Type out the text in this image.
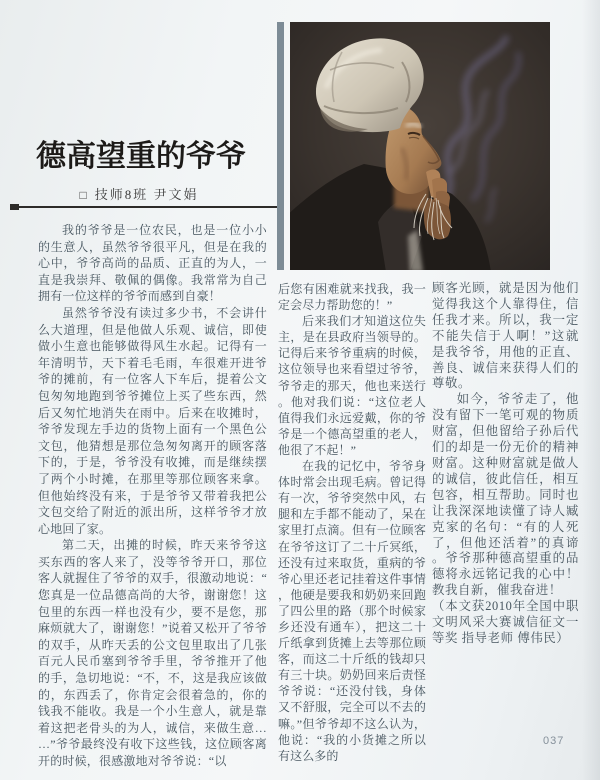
德高望重的爷爷
□ 技师8班 尹文娟

我的爷爷是一位农民，也是一位小小的生意人，虽然爷爷很平凡，但是在我的心中，爷爷高尚的品质、正直的为人，一直是我崇拜、敬佩的偶像。我常常为自己拥有一位这样的爷爷而感到自豪！

虽然爷爷没有读过多少书，不会讲什么大道理，但是他做人乐观、诚信，即使做小生意也能够做得风生水起。记得有一年清明节，天下着毛毛雨，车很难开进爷爷的摊前，有一位客人下车后，提着公文包匆匆地跑到爷爷摊位上买了些东西，然后又匆忙地消失在雨中。后来在收摊时，爷爷发现左手边的货物上面有一个黑色公文包，他猜想是那位急匆匆离开的顾客落下的，于是，爷爷没有收摊，而是继续摆了两个小时摊，在那里等那位顾客来拿。但他始终没有来，于是爷爷又带着我把公文包交给了附近的派出所，这样爷爷才放心地回了家。

第二天，出摊的时候，昨天来爷爷这买东西的客人来了，没等爷爷开口，那位客人就握住了爷爷的双手，很激动地说：“您真是一位品德高尚的大爷，谢谢您！这包里的东西一样也没有少，要不是您，那麻烦就大了，谢谢您！”说着又松开了爷爷的双手，从昨天丢的公文包里取出了几张百元人民币塞到爷爷手里，爷爷推开了他的手，急切地说：“不，不，这是我应该做的，东西丢了，你肯定会很着急的，你的钱我不能收。我是一个小生意人，就是靠着这把老骨头的为人，诚信，来做生意……”爷爷最终没有收下这些钱，这位顾客离开的时候，很感激地对爷爷说：“以

后您有困难就来找我，我一定会尽力帮助您的！”

后来我们才知道这位失主，是在县政府当领导的。记得后来爷爷重病的时候，这位领导也来看望过爷爷，爷爷走的那天，他也来送行。他对我们说：“这位老人值得我们永远爱戴，你的爷爷是一个德高望重的老人，他很了不起！”

在我的记忆中，爷爷身体时常会出现毛病。曾记得有一次，爷爷突然中风，右腿和左手都不能动了，呆在家里打点滴。但有一位顾客在爷爷这订了二十斤冥纸，还没有过来取货，重病的爷爷心里还老记挂着这件事情，他硬是要我和奶奶来回跑了四公里的路（那个时候家乡还没有通车），把这二十斤纸拿到货摊上去等那位顾客，而这二十斤纸的钱却只有三十块。奶奶回来后责怪爷爷说：“还没付钱，身体又不舒服，完全可以不去的嘛。”但爷爷却不这么认为，他说：“我的小货摊之所以有这么多的

顾客光顾，就是因为他们觉得我这个人靠得住，信任我才来。所以，我一定不能失信于人啊！”这就是我爷爷，用他的正直、善良、诚信来获得人们的尊敬。

如今，爷爷走了，他没有留下一笔可观的物质财富，但他留给子孙后代们的却是一份无价的精神财富。这种财富就是做人的诚信，彼此信任，相互包容，相互帮助。同时也让我深深地读懂了诗人臧克家的名句：“有的人死了，但他还活着”的真谛。爷爷那种德高望重的品德将永远铭记我的心中！教我自新，催我奋进！

（本文获2010年全国中职文明风采大赛诚信征文一等奖 指导老师 傅伟民）

037
